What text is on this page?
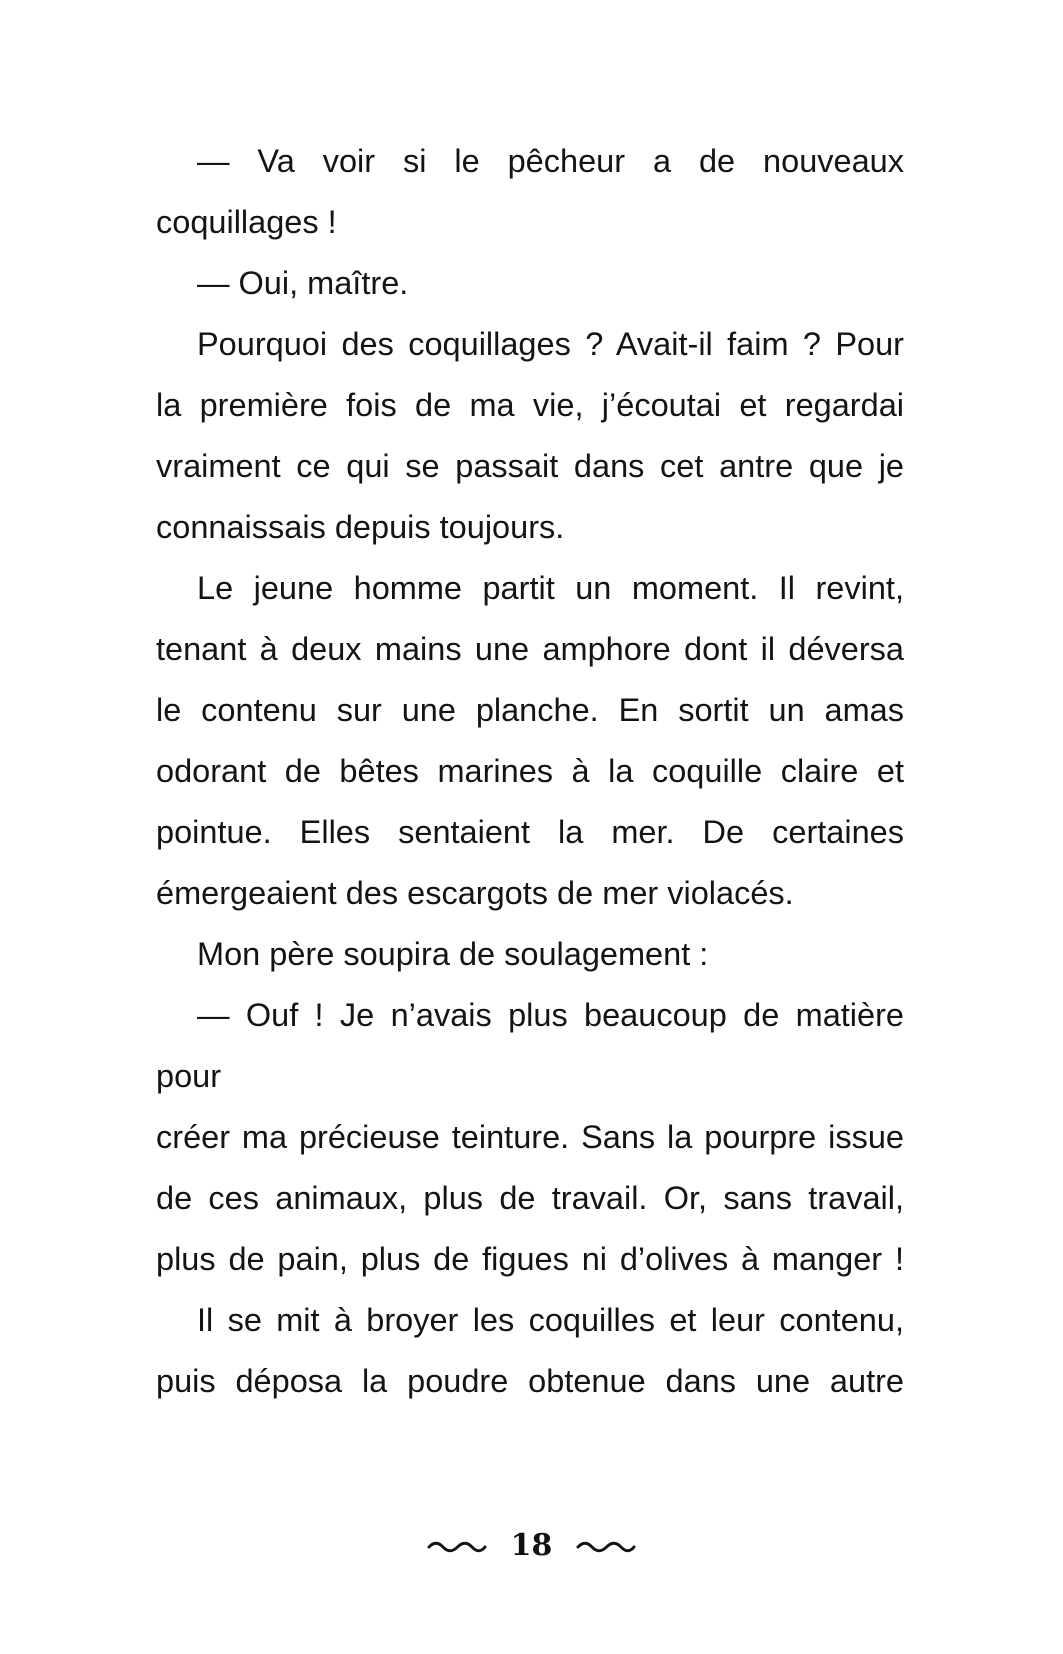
— Va voir si le pêcheur a de nouveaux
coquillages !

— Oui, maître.

Pourquoi des coquillages ? Avait-il faim ? Pour
la première fois de ma vie, j’écoutai et regardai
vraiment ce qui se passait dans cet antre que je
connaissais depuis toujours.

Le jeune homme partit un moment. Il revint,
tenant à deux mains une amphore dont il déversa
le contenu sur une planche. En sortit un amas
odorant de bêtes marines à la coquille claire et
pointue. Elles sentaient la mer. De certaines
émergeaient des escargots de mer violacés.

Mon père soupira de soulagement :

— Ouf ! Je n’avais plus beaucoup de matière pour
créer ma précieuse teinture. Sans la pourpre issue
de ces animaux, plus de travail. Or, sans travail,
plus de pain, plus de figues ni d’olives à manger !

Il se mit à broyer les coquilles et leur contenu,
puis déposa la poudre obtenue dans une autre

18
